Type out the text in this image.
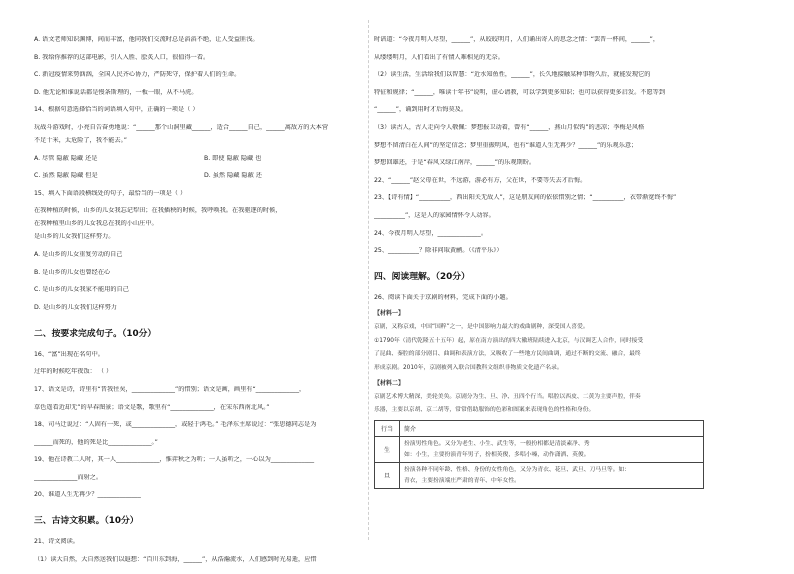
A. 语文老师知识渊博，间而丰富，他同我们交流时总是滔滔不绝，让人受益匪浅。
B. 我给你推荐的这部电影，引人入胜、脍炙人口，很值得一看。
C. 新冠疫情来势汹汹，全国人民齐心协力，严防死守，保护着人们的生命。
D. 他无论和谁说话都是慢条斯理的，一板一眼，从不马虎。
14、根据句意选择恰当的词语填入句中，正确的一项是（ ）
玩战斗游戏时，小亮自告奋勇地说：“______那个山洞里藏______，适合______自己，______离敌方的大本营
不足十米，太危险了，我不能去。”
A. 尽管 隐蔽 隐藏 还是	B. 即使 隐蔽 隐藏 也
C. 虽然 隐蔽 隐藏 但是	D. 虽然 隐藏 隐蔽 还
15、填入下面语段横线处的句子，最恰当的一项是（ ）
在我种植的时候，山乡的儿女我忘记犁田；在我插秧的时候，我呼唤我。在我驱逐的时候，
在我种植里山乡的儿女我总在我的小山庄中。
是山乡的儿女我们这样努力。
A. 是山乡的儿女重复劳动的自己
B. 是山乡的儿女也曾经在心
C. 是山乡的儿女我家不能用的自己
D. 是山乡的儿女我们这样努力
二、按要求完成句子。（10分）
16、“富”出现在名句中。
过年的时候吃年夜饭： （ ）
17、语文是诗，诗里有“昔我往矣，______________”的惜别；语文是画，画里有“______________，
草色遥看近却无”的早春图景；语文是歌，歌里有“______________，在宋东西南北风。”
18、司马迁说过：“人固有一死，或______________，或轻于鸿毛。” 毛泽东主席说过：“张思德同志是为
______而死的，他的死是比______________。”
19、他在诗教二人时，其一人______________，惟弈秋之为听；一人虽听之，一心以为______________
______________而射之。
20、谁道人生无再少？______________
三、古诗文积累。（10分）
21、诗文阅读。
（1）读大自然，大自然送我们以遐想：“百川东到海，______”，从浩瀚流水，人们感到时光易逝，应惜
时谙道：“今夜月明人尽望，______”，从皎皎明月，人们诵出寄人的思念之情：“罢晋一杯间，______”，
从缕缕明月，人们看出了有情人难相见的无奈。
（2）读生活，生活给我们以智慧：“近水知鱼性，______”，长久地接触某种事物久后，就能发现它的
特征和规律；“______，唯读十年书”说明，虚心请教，可以学到更多知识；也可以获得更多启发。不愿等到
“______”，诵到用时才后悔莫及。
（3）读古人，古人走向令人敬佩：梦想报卫动着，曾有“______，燕山月似钩”的悲凉；李梅是风格
梦想不留清白在人间”的坚定信念；梦里重振明风，也有“谁道人生无再少？______”的乐观乐意；
梦想回雄还，于是“春风又绿江南岸，______”的乐观期盼。
22、“______”赵父母在世，不远游，游必有方，父在世，不要等失去才后悔。
23、【诗有情】“__________，西出阳关无故人”，这是朋友间的依依惜别之情；“__________，衣带渐宽终不悔”
__________”，这是人的家园情怀令人动容。
24、今夜月明人尽望，______________。
25、__________？除非问取黄鹂。（《清平乐》）
四、阅读理解。（20分）
26、阅读下面关于京剧的材料，完成下面的小题。
【材料一】
京剧，又称京戏，中国“国粹”之一，是中国影响力最大的戏曲剧种，深受国人喜爱。
①1790年（清代乾隆五十五年）起，原在南方演出的四大徽班陆续进入北京，与汉调艺人合作，同时接受
了昆曲、秦腔的部分剧目、曲调和表演方法，又吸收了一些地方民间曲调，通过不断的交流、融合，最终
形成京剧。2010年，京剧被列入联合国教科文组织非物质文化遗产名录。
【材料二】
京剧艺术博大精深，美轮美奂。京剧分为生、旦、净、丑四个行当。唱腔以西皮、二黄为主要声腔，伴奏
乐器，主要以京胡、京二胡等，常常借助服饰的色彩和图案来表现角色的性格和身份。
行当	简介
生	扮演男性角色。又分为老生、小生、武生等，一般扮相都是清淡素净、秀
如：小生，主要扮演青年男子，扮相英俊，多唱小嗓，动作潇洒、英俊。

旦	扮演各种不同年龄、性格、身份的女性角色，又分为青衣、花旦、武旦、刀马旦等。如：
青衣，主要扮演端庄严肃的青年、中年女性。
